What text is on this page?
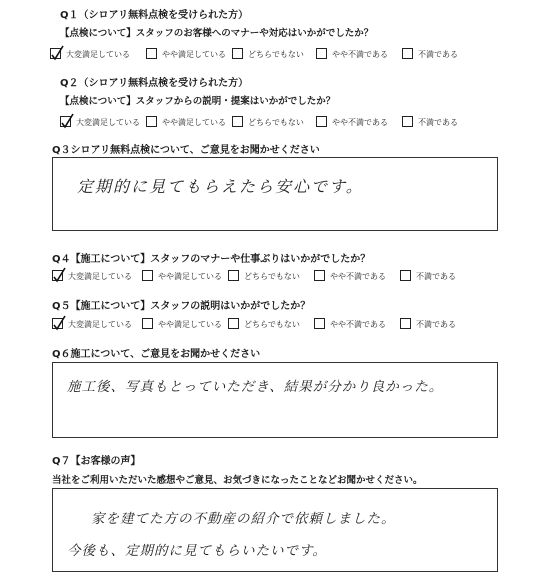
Q１（シロアリ無料点検を受けられた方）
【点検について】スタッフのお客様へのマナーや対応はいかがでしたか？
大変満足している	やや満足している	どちらでもない	やや不満である	不満である
Q２（シロアリ無料点検を受けられた方）
【点検について】スタッフからの説明・提案はいかがでしたか？
大変満足している	やや満足している	どちらでもない	やや不満である	不満である
Q３シロアリ無料点検について、ご意見をお聞かせください
定期的に見てもらえたら安心です。
Q４【施工について】スタッフのマナーや仕事ぶりはいかがでしたか？
大変満足している	やや満足している	どちらでもない	やや不満である	不満である
Q５【施工について】スタッフの説明はいかがでしたか？
大変満足している	やや満足している	どちらでもない	やや不満である	不満である
Q６施工について、ご意見をお聞かせください
施工後、写真もとっていただき、結果が分かり良かった。
Q７【お客様の声】
当社をご利用いただいた感想やご意見、お気づきになったことなどお聞かせください。
家を建てた方の不動産の紹介で依頼しました。
今後も、定期的に見てもらいたいです。
